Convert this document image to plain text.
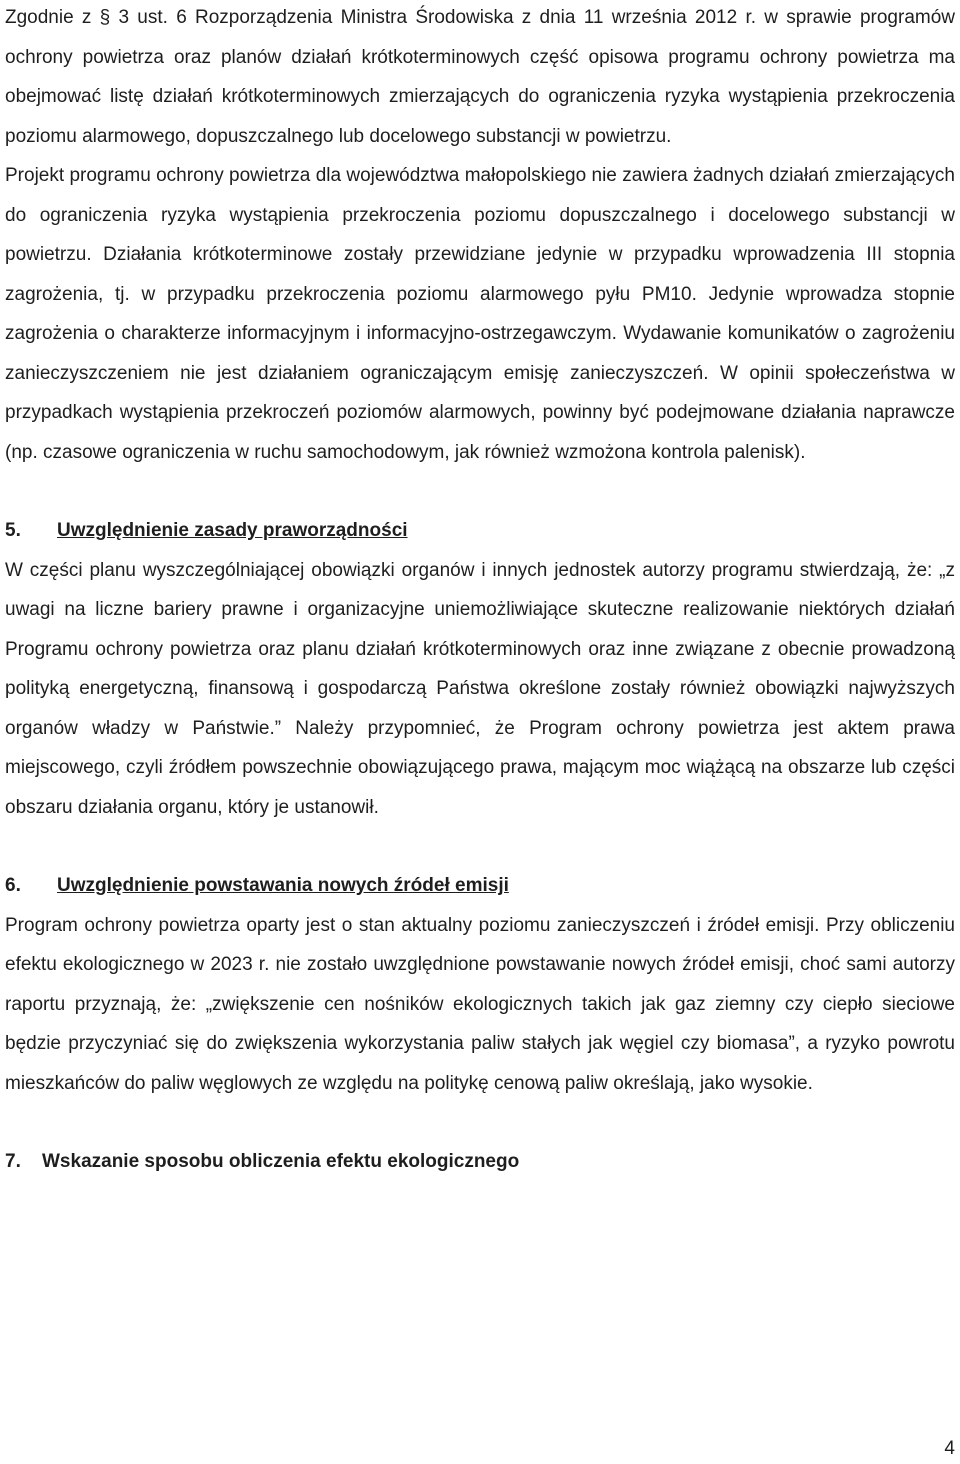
Zgodnie z § 3 ust. 6 Rozporządzenia Ministra Środowiska z dnia 11 września 2012 r. w sprawie programów ochrony powietrza oraz planów działań krótkoterminowych część opisowa programu ochrony powietrza ma obejmować listę działań krótkoterminowych zmierzających do ograniczenia ryzyka wystąpienia przekroczenia poziomu alarmowego, dopuszczalnego lub docelowego substancji w powietrzu.

Projekt programu ochrony powietrza dla województwa małopolskiego nie zawiera żadnych działań zmierzających do ograniczenia ryzyka wystąpienia przekroczenia poziomu dopuszczalnego i docelowego substancji w powietrzu. Działania krótkoterminowe zostały przewidziane jedynie w przypadku wprowadzenia III stopnia zagrożenia, tj. w przypadku przekroczenia poziomu alarmowego pyłu PM10. Jedynie wprowadza stopnie zagrożenia o charakterze informacyjnym i informacyjno-ostrzegawczym. Wydawanie komunikatów o zagrożeniu zanieczyszczeniem nie jest działaniem ograniczającym emisję zanieczyszczeń. W opinii społeczeństwa w przypadkach wystąpienia przekroczeń poziomów alarmowych, powinny być podejmowane działania naprawcze (np. czasowe ograniczenia w ruchu samochodowym, jak również wzmożona kontrola palenisk).

5. Uwzględnienie zasady praworządności

W części planu wyszczególniającej obowiązki organów i innych jednostek autorzy programu stwierdzają, że: „z uwagi na liczne bariery prawne i organizacyjne uniemożliwiające skuteczne realizowanie niektórych działań Programu ochrony powietrza oraz planu działań krótkoterminowych oraz inne związane z obecnie prowadzoną polityką energetyczną, finansową i gospodarczą Państwa określone zostały również obowiązki najwyższych organów władzy w Państwie.” Należy przypomnieć, że Program ochrony powietrza jest aktem prawa miejscowego, czyli źródłem powszechnie obowiązującego prawa, mającym moc wiążącą na obszarze lub części obszaru działania organu, który je ustanowił.

6. Uwzględnienie powstawania nowych źródeł emisji

Program ochrony powietrza oparty jest o stan aktualny poziomu zanieczyszczeń i źródeł emisji. Przy obliczeniu efektu ekologicznego w 2023 r. nie zostało uwzględnione powstawanie nowych źródeł emisji, choć sami autorzy raportu przyznają, że: „zwiększenie cen nośników ekologicznych takich jak gaz ziemny czy ciepło sieciowe będzie przyczyniać się do zwiększenia wykorzystania paliw stałych jak węgiel czy biomasa”, a ryzyko powrotu mieszkańców do paliw węglowych ze względu na politykę cenową paliw określają, jako wysokie.

7. Wskazanie sposobu obliczenia efektu ekologicznego
4
